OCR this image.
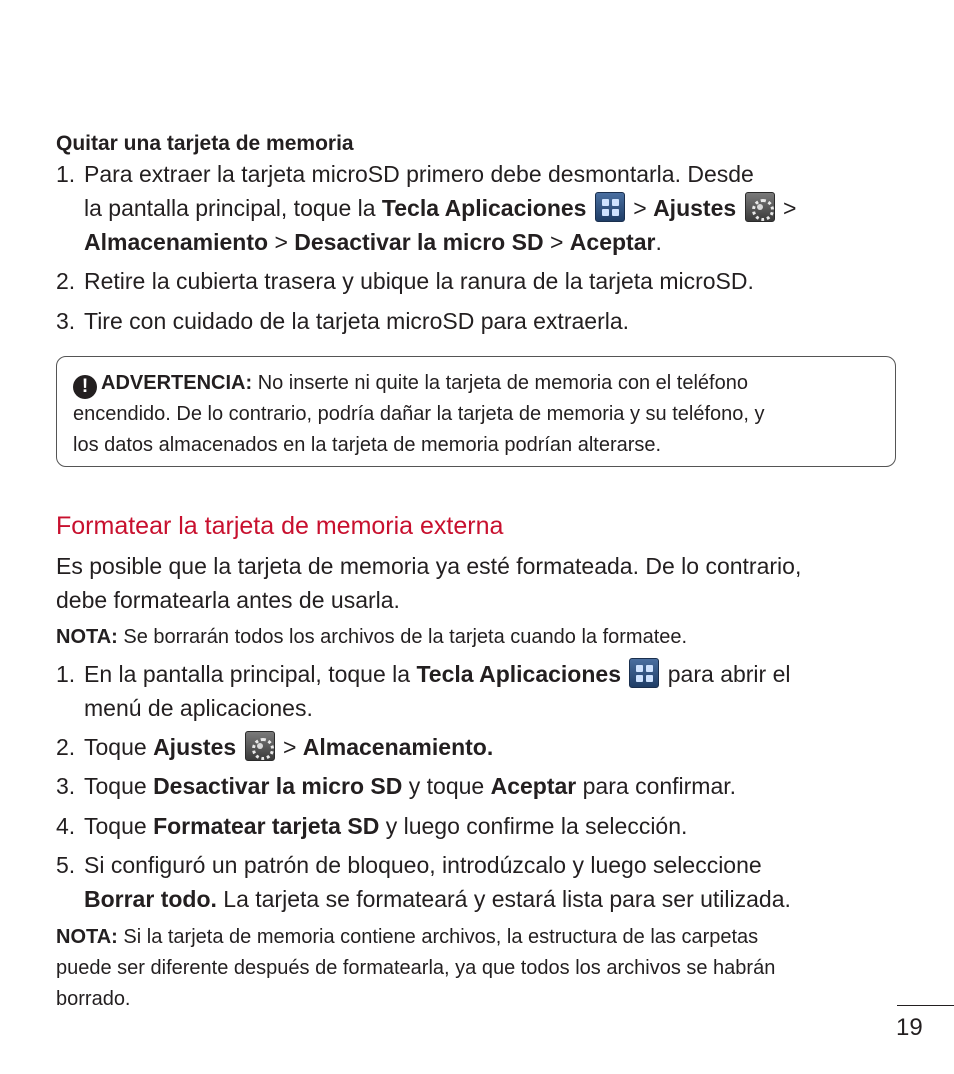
Quitar una tarjeta de memoria
1. Para extraer la tarjeta microSD primero debe desmontarla. Desde
la pantalla principal, toque la Tecla Aplicaciones > Ajustes >
Almacenamiento > Desactivar la micro SD > Aceptar.
2. Retire la cubierta trasera y ubique la ranura de la tarjeta microSD.
3. Tire con cuidado de la tarjeta microSD para extraerla.
! ADVERTENCIA: No inserte ni quite la tarjeta de memoria con el teléfono
encendido. De lo contrario, podría dañar la tarjeta de memoria y su teléfono, y
los datos almacenados en la tarjeta de memoria podrían alterarse.
Formatear la tarjeta de memoria externa
Es posible que la tarjeta de memoria ya esté formateada. De lo contrario,
debe formatearla antes de usarla.
NOTA: Se borrarán todos los archivos de la tarjeta cuando la formatee.
1. En la pantalla principal, toque la Tecla Aplicaciones para abrir el
menú de aplicaciones.
2. Toque Ajustes > Almacenamiento.
3. Toque Desactivar la micro SD y toque Aceptar para confirmar.
4. Toque Formatear tarjeta SD y luego confirme la selección.
5. Si configuró un patrón de bloqueo, introdúzcalo y luego seleccione
Borrar todo. La tarjeta se formateará y estará lista para ser utilizada.
NOTA: Si la tarjeta de memoria contiene archivos, la estructura de las carpetas
puede ser diferente después de formatearla, ya que todos los archivos se habrán
borrado.
19
